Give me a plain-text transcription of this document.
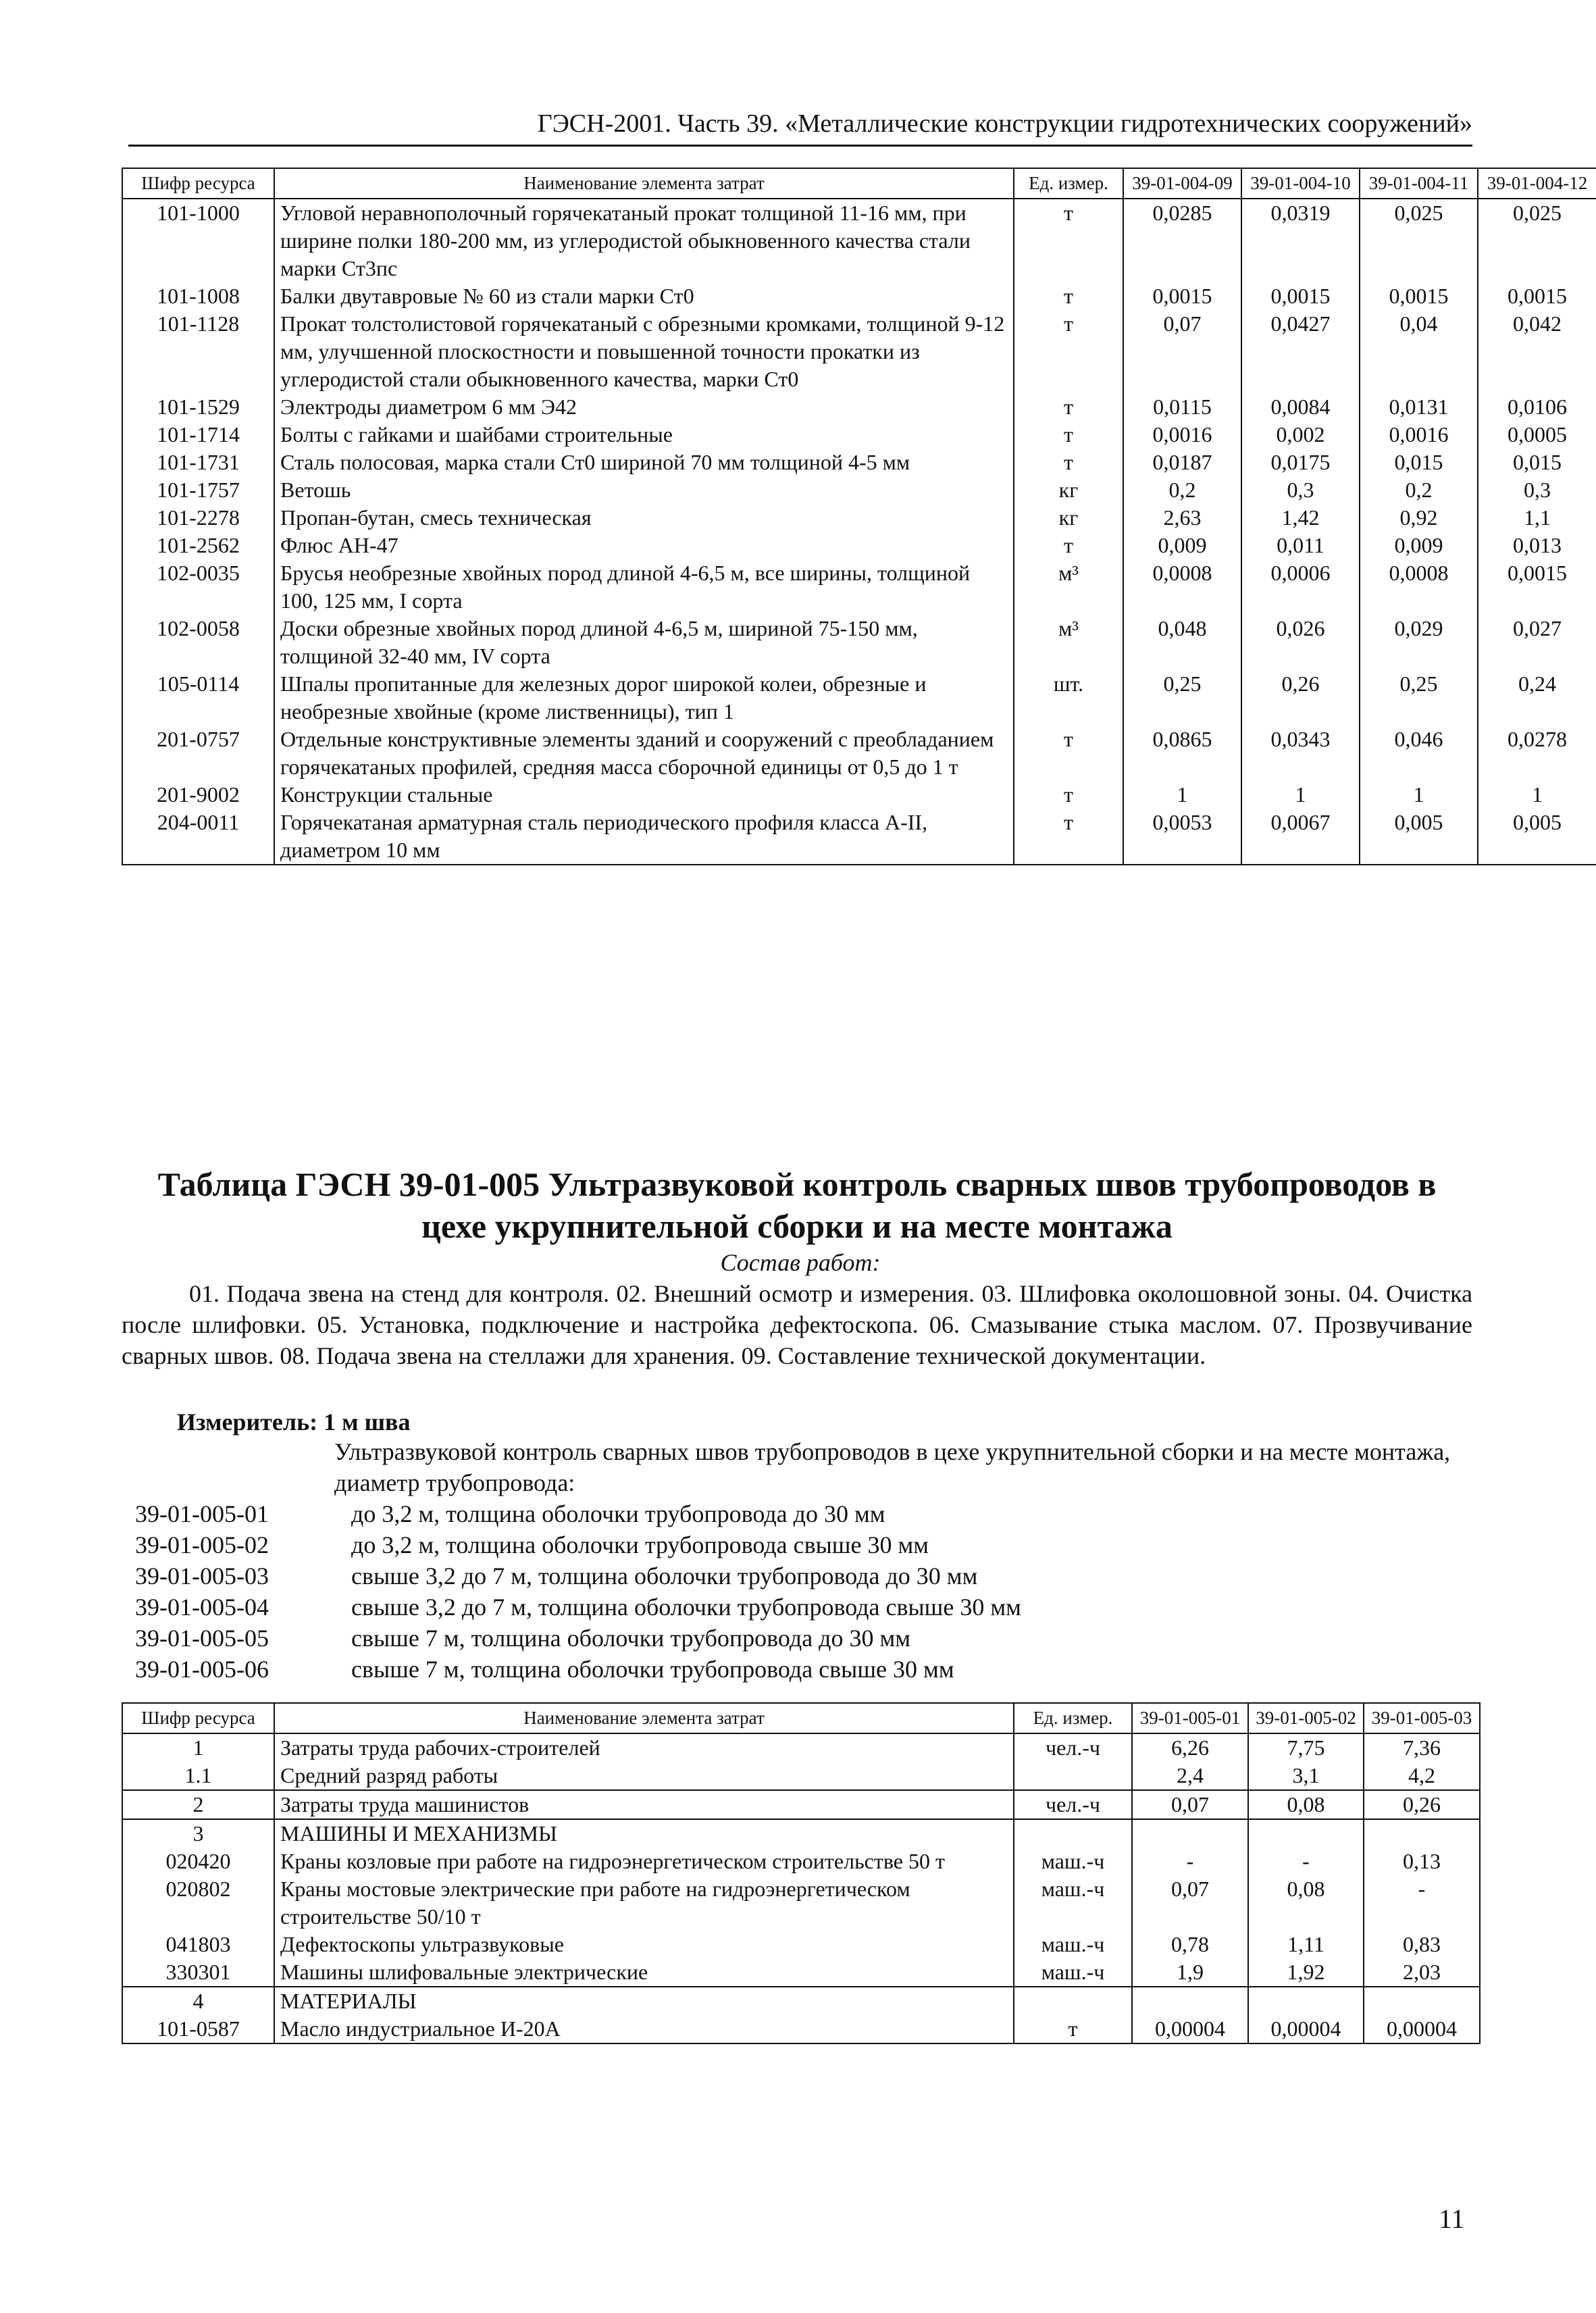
ГЭСН-2001. Часть 39. «Металлические конструкции гидротехнических сооружений»
Шифр ресурса	Наименование элемента затрат	Ед. измер.	39-01-004-09	39-01-004-10	39-01-004-11	39-01-004-12
101-1000	Угловой неравнополочный горячекатаный прокат толщиной 11-16 мм, при ширине полки 180-200 мм, из углеродистой обыкновенного качества стали марки Ст3пс	т	0,0285	0,0319	0,025	0,025
101-1008	Балки двутавровые № 60 из стали марки Ст0	т	0,0015	0,0015	0,0015	0,0015
101-1128	Прокат толстолистовой горячекатаный с обрезными кромками, толщиной 9-12 мм, улучшенной плоскостности и повышенной точности прокатки из углеродистой стали обыкновенного качества, марки Ст0	т	0,07	0,0427	0,04	0,042
101-1529	Электроды диаметром 6 мм Э42	т	0,0115	0,0084	0,0131	0,0106
101-1714	Болты с гайками и шайбами строительные	т	0,0016	0,002	0,0016	0,0005
101-1731	Сталь полосовая, марка стали Ст0 шириной 70 мм толщиной 4-5 мм	т	0,0187	0,0175	0,015	0,015
101-1757	Ветошь	кг	0,2	0,3	0,2	0,3
101-2278	Пропан-бутан, смесь техническая	кг	2,63	1,42	0,92	1,1
101-2562	Флюс АН-47	т	0,009	0,011	0,009	0,013
102-0035	Брусья необрезные хвойных пород длиной 4-6,5 м, все ширины, толщиной 100, 125 мм, I сорта	м³	0,0008	0,0006	0,0008	0,0015
102-0058	Доски обрезные хвойных пород длиной 4-6,5 м, шириной 75-150 мм, толщиной 32-40 мм, IV сорта	м³	0,048	0,026	0,029	0,027
105-0114	Шпалы пропитанные для железных дорог широкой колеи, обрезные и необрезные хвойные (кроме лиственницы), тип 1	шт.	0,25	0,26	0,25	0,24
201-0757	Отдельные конструктивные элементы зданий и сооружений с преобладанием горячекатаных профилей, средняя масса сборочной единицы от 0,5 до 1 т	т	0,0865	0,0343	0,046	0,0278
201-9002	Конструкции стальные	т	1	1	1	1
204-0011	Горячекатаная арматурная сталь периодического профиля класса А-II, диаметром 10 мм	т	0,0053	0,0067	0,005	0,005
Таблица ГЭСН 39-01-005 Ультразвуковой контроль сварных швов трубопроводов в цехе укрупнительной сборки и на месте монтажа
Состав работ:
01. Подача звена на стенд для контроля. 02. Внешний осмотр и измерения. 03. Шлифовка околошовной зоны. 04. Очистка после шлифовки. 05. Установка, подключение и настройка дефектоскопа. 06. Смазывание стыка маслом. 07. Прозвучивание сварных швов. 08. Подача звена на стеллажи для хранения. 09. Составление технической документации.
Измеритель: 1 м шва
Ультразвуковой контроль сварных швов трубопроводов в цехе укрупнительной сборки и на месте монтажа, диаметр трубопровода:
39-01-005-01	до 3,2 м, толщина оболочки трубопровода до 30 мм
39-01-005-02	до 3,2 м, толщина оболочки трубопровода свыше 30 мм
39-01-005-03	свыше 3,2 до 7 м, толщина оболочки трубопровода до 30 мм
39-01-005-04	свыше 3,2 до 7 м, толщина оболочки трубопровода свыше 30 мм
39-01-005-05	свыше 7 м, толщина оболочки трубопровода до 30 мм
39-01-005-06	свыше 7 м, толщина оболочки трубопровода свыше 30 мм
Шифр ресурса	Наименование элемента затрат	Ед. измер.	39-01-005-01	39-01-005-02	39-01-005-03
1	Затраты труда рабочих-строителей	чел.-ч	6,26	7,75	7,36
1.1	Средний разряд работы		2,4	3,1	4,2
2	Затраты труда машинистов	чел.-ч	0,07	0,08	0,26
3	МАШИНЫ И МЕХАНИЗМЫ				
020420	Краны козловые при работе на гидроэнергетическом строительстве 50 т	маш.-ч	-	-	0,13
020802	Краны мостовые электрические при работе на гидроэнергетическом строительстве 50/10 т	маш.-ч	0,07	0,08	-
041803	Дефектоскопы ультразвуковые	маш.-ч	0,78	1,11	0,83
330301	Машины шлифовальные электрические	маш.-ч	1,9	1,92	2,03
4	МАТЕРИАЛЫ				
101-0587	Масло индустриальное И-20А	т	0,00004	0,00004	0,00004
11
